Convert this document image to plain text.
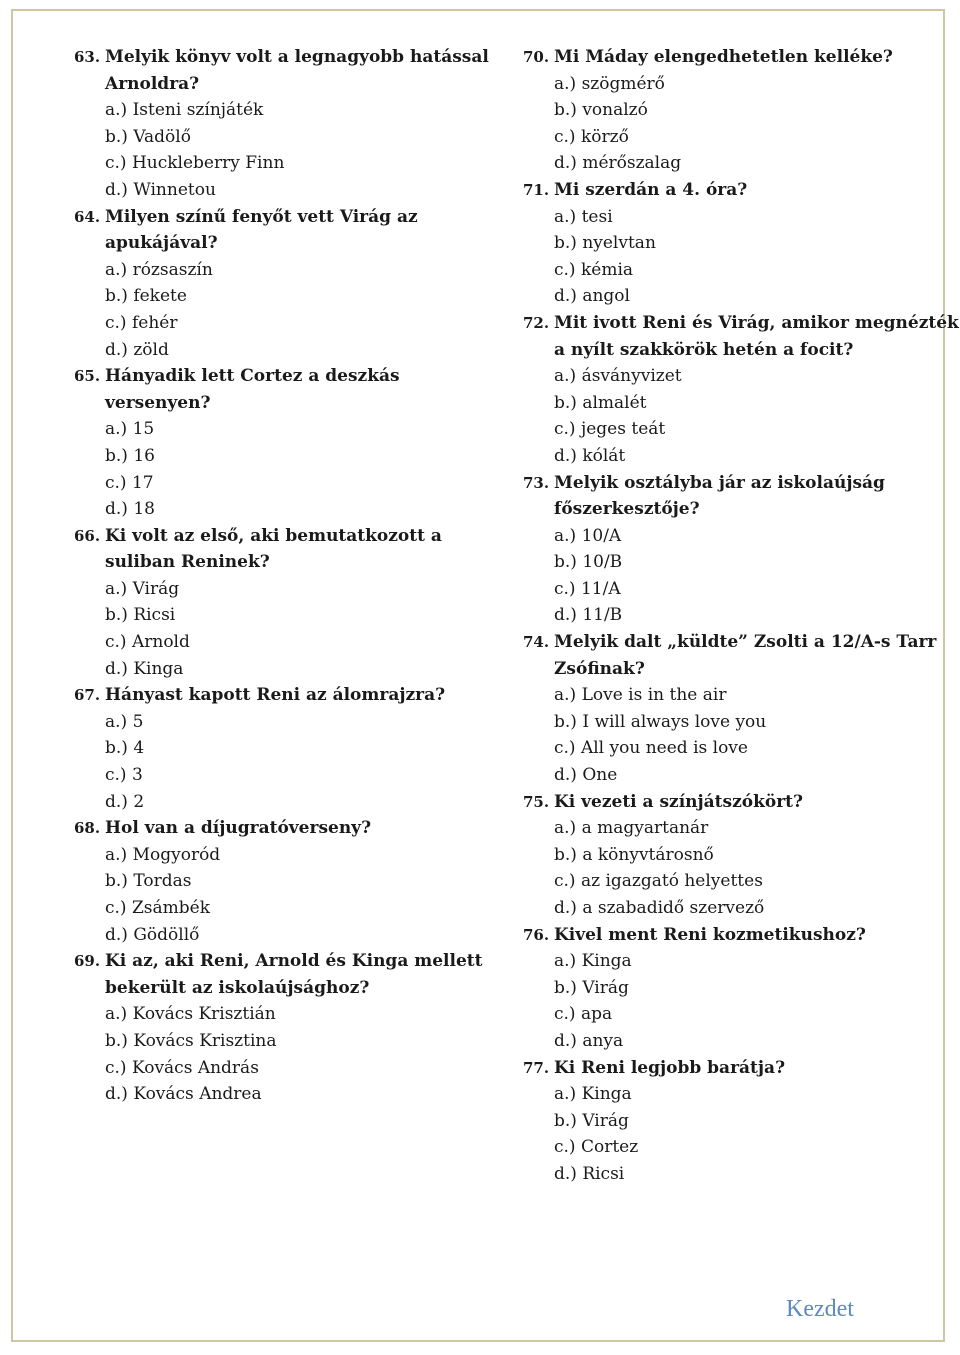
63. Melyik könyv volt a legnagyobb hatással
Arnoldra?
a.) Isteni színjáték
b.) Vadölő
c.) Huckleberry Finn
d.) Winnetou
64. Milyen színű fenyőt vett Virág az
apukájával?
a.) rózsaszín
b.) fekete
c.) fehér
d.) zöld
65. Hányadik lett Cortez a deszkás
versenyen?
a.) 15
b.) 16
c.) 17
d.) 18
66. Ki volt az első, aki bemutatkozott a
suliban Reninek?
a.) Virág
b.) Ricsi
c.) Arnold
d.) Kinga
67. Hányast kapott Reni az álomrajzra?
a.) 5
b.) 4
c.) 3
d.) 2
68. Hol van a díjugratóverseny?
a.) Mogyoród
b.) Tordas
c.) Zsámbék
d.) Gödöllő
69. Ki az, aki Reni, Arnold és Kinga mellett
bekerült az iskolaújsághoz?
a.) Kovács Krisztián
b.) Kovács Krisztina
c.) Kovács András
d.) Kovács Andrea
70. Mi Máday elengedhetetlen kelléke?
a.) szögmérő
b.) vonalzó
c.) körző
d.) mérőszalag
71. Mi szerdán a 4. óra?
a.) tesi
b.) nyelvtan
c.) kémia
d.) angol
72. Mit ivott Reni és Virág, amikor megnézték
a nyílt szakkörök hetén a focit?
a.) ásványvizet
b.) almalét
c.) jeges teát
d.) kólát
73. Melyik osztályba jár az iskolaújság
főszerkesztője?
a.) 10/A
b.) 10/B
c.) 11/A
d.) 11/B
74. Melyik dalt „küldte” Zsolti a 12/A-s Tarr
Zsófinak?
a.) Love is in the air
b.) I will always love you
c.) All you need is love
d.) One
75. Ki vezeti a színjátszókört?
a.) a magyartanár
b.) a könyvtárosnő
c.) az igazgató helyettes
d.) a szabadidő szervező
76. Kivel ment Reni kozmetikushoz?
a.) Kinga
b.) Virág
c.) apa
d.) anya
77. Ki Reni legjobb barátja?
a.) Kinga
b.) Virág
c.) Cortez
d.) Ricsi
Kezdet
